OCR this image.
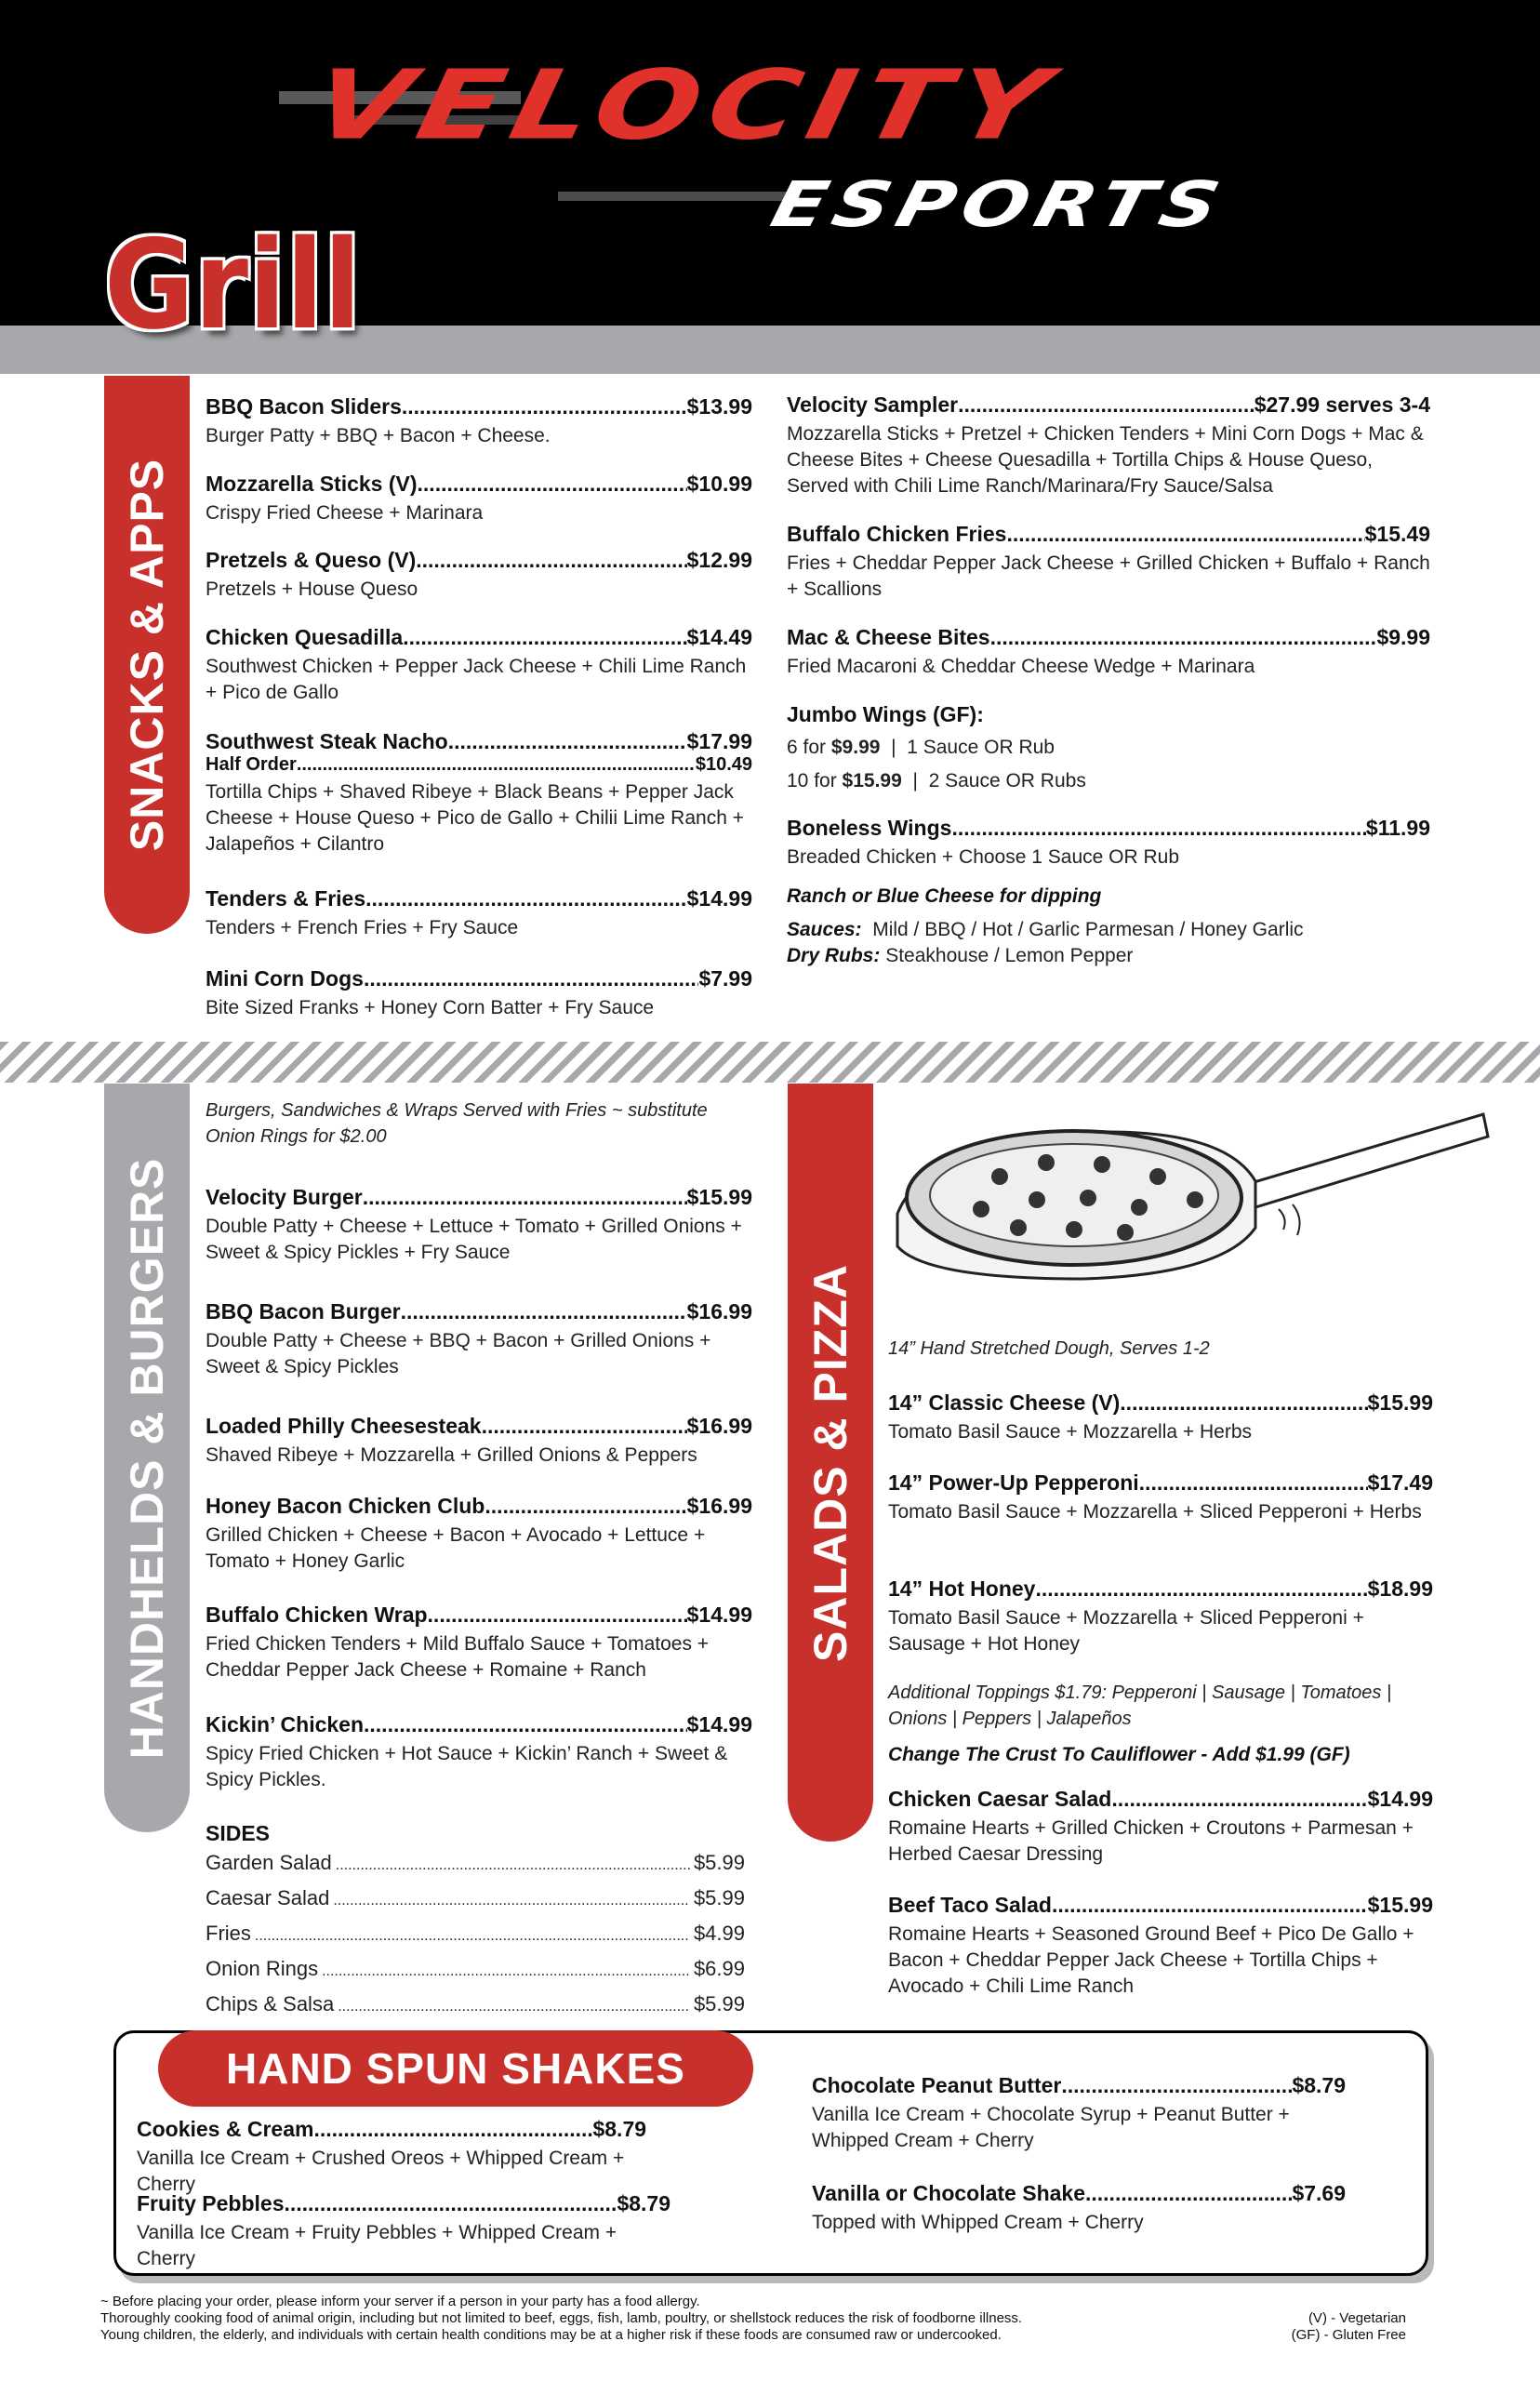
VELOCITY
ESPORTS
Grill
SNACKS & APPS
BBQ Bacon Sliders .....	$13.99
Burger Patty + BBQ + Bacon + Cheese.
Mozzarella Sticks (V) .....	$10.99
Crispy Fried Cheese + Marinara
Pretzels & Queso (V) .....	$12.99
Pretzels + House Queso
Chicken Quesadilla .....	$14.49
Southwest Chicken + Pepper Jack Cheese + Chili Lime Ranch + Pico de Gallo
Southwest Steak Nacho .....	$17.99
Half Order .....	$10.49
Tortilla Chips + Shaved Ribeye + Black Beans + Pepper Jack Cheese + House Queso + Pico de Gallo + Chilii Lime Ranch + Jalapeños + Cilantro
Tenders & Fries .....	$14.99
Tenders + French Fries + Fry Sauce
Mini Corn Dogs .....	$7.99
Bite Sized Franks + Honey Corn Batter + Fry Sauce
Velocity Sampler .....	$27.99 serves 3-4
Mozzarella Sticks + Pretzel + Chicken Tenders + Mini Corn Dogs + Mac & Cheese Bites + Cheese Quesadilla + Tortilla Chips & House Queso, Served with Chili Lime Ranch/Marinara/Fry Sauce/Salsa
Buffalo Chicken Fries .....	$15.49
Fries + Cheddar Pepper Jack Cheese + Grilled Chicken + Buffalo + Ranch + Scallions
Mac & Cheese Bites .....	$9.99
Fried Macaroni & Cheddar Cheese Wedge + Marinara
Jumbo Wings (GF):
6 for $9.99  |  1 Sauce OR Rub
10 for $15.99  |  2 Sauce OR Rubs
Boneless Wings .....	$11.99
Breaded Chicken + Choose 1 Sauce OR Rub
Ranch or Blue Cheese for dipping
Sauces: Mild / BBQ / Hot / Garlic Parmesan / Honey Garlic
Dry Rubs: Steakhouse / Lemon Pepper
HANDHELDS & BURGERS
Burgers, Sandwiches & Wraps Served with Fries ~ substitute Onion Rings for $2.00
Velocity Burger .....	$15.99
Double Patty + Cheese + Lettuce + Tomato + Grilled Onions + Sweet & Spicy Pickles + Fry Sauce
BBQ Bacon Burger .....	$16.99
Double Patty + Cheese + BBQ + Bacon + Grilled Onions + Sweet & Spicy Pickles
Loaded Philly Cheesesteak .....	$16.99
Shaved Ribeye + Mozzarella + Grilled Onions & Peppers
Honey Bacon Chicken Club .....	$16.99
Grilled Chicken + Cheese + Bacon + Avocado + Lettuce + Tomato + Honey Garlic
Buffalo Chicken Wrap .....	$14.99
Fried Chicken Tenders + Mild Buffalo Sauce + Tomatoes + Cheddar Pepper Jack Cheese + Romaine + Ranch
Kickin’ Chicken .....	$14.99
Spicy Fried Chicken + Hot Sauce + Kickin’ Ranch + Sweet & Spicy Pickles.
SIDES
Garden Salad .....	$5.99
Caesar Salad .....	$5.99
Fries .....	$4.99
Onion Rings .....	$6.99
Chips & Salsa .....	$5.99
SALADS & PIZZA 14” Hand Stretched Dough, Serves 1-2
14” Classic Cheese (V) .....	$15.99
Tomato Basil Sauce + Mozzarella + Herbs
14” Power-Up Pepperoni .....	$17.49
Tomato Basil Sauce + Mozzarella + Sliced Pepperoni + Herbs
14” Hot Honey .....	$18.99
Tomato Basil Sauce + Mozzarella + Sliced Pepperoni + Sausage + Hot Honey
Additional Toppings $1.79: Pepperoni | Sausage | Tomatoes | Onions | Peppers | Jalapeños
Change The Crust To Cauliflower - Add $1.99 (GF)
Chicken Caesar Salad .....	$14.99
Romaine Hearts + Grilled Chicken + Croutons + Parmesan + Herbed Caesar Dressing
Beef Taco Salad .....	$15.99
Romaine Hearts + Seasoned Ground Beef + Pico De Gallo + Bacon + Cheddar Pepper Jack Cheese + Tortilla Chips + Avocado + Chili Lime Ranch
HAND SPUN SHAKES
Cookies & Cream .....	$8.79
Vanilla Ice Cream + Crushed Oreos + Whipped Cream + Cherry
Fruity Pebbles .....	$8.79
Vanilla Ice Cream + Fruity Pebbles + Whipped Cream + Cherry
Chocolate Peanut Butter .....	$8.79
Vanilla Ice Cream + Chocolate Syrup + Peanut Butter + Whipped Cream + Cherry
Vanilla or Chocolate Shake .....	$7.69
Topped with Whipped Cream + Cherry
~ Before placing your order, please inform your server if a person in your party has a food allergy.
Thoroughly cooking food of animal origin, including but not limited to beef, eggs, fish, lamb, poultry, or shellstock reduces the risk of foodborne illness.
Young children, the elderly, and individuals with certain health conditions may be at a higher risk if these foods are consumed raw or undercooked.
(V) - Vegetarian
(GF) - Gluten Free
